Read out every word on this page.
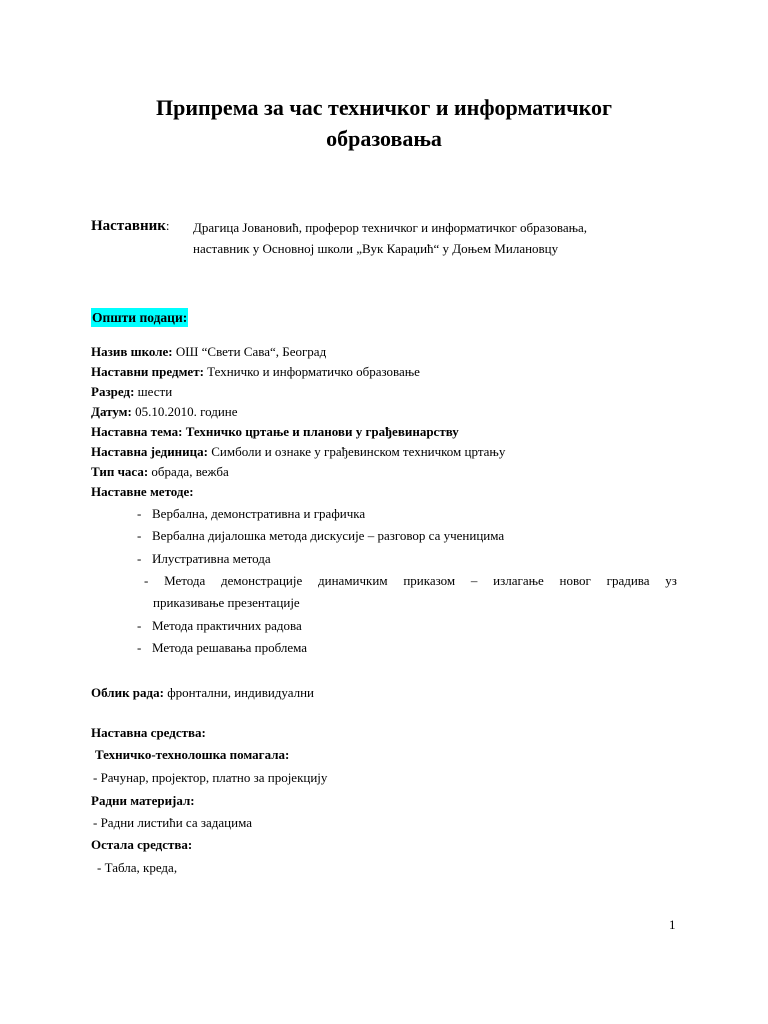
Припрема за час техничког и информатичког
образовања
Наставник: Драгица Јовановић, проферор техничког и информатичког образовања,
наставник у Основној школи „Вук Караџић“ у Доњем Милановцу
Општи подаци:
Назив школе: ОШ “Свети Сава“, Београд
Наставни предмет: Техничко и информатичко образовање
Разред: шести
Датум: 05.10.2010. године
Наставна тема: Техничко цртање и планови у грађевинарству
Наставна јединица: Симболи и ознаке у грађевинском техничком цртању
Тип часа: обрада, вежба
Наставне методе:
- Вербална, демонстративна и графичка
- Вербална дијалошка метода дискусије – разговор са ученицима
- Илустративна метода
- Метода демонстрације динамичким приказом – излагање новог градива уз
приказивање презентације
- Метода практичних радова
- Метода решавања проблема
Облик рада: фронтални, индивидуални
Наставна средства:
Техничко-технолошка помагала:
- Рачунар, пројектор, платно за пројекцију
Радни материјал:
- Радни листићи са задацима
Остала средства:
- Табла, креда,
1
